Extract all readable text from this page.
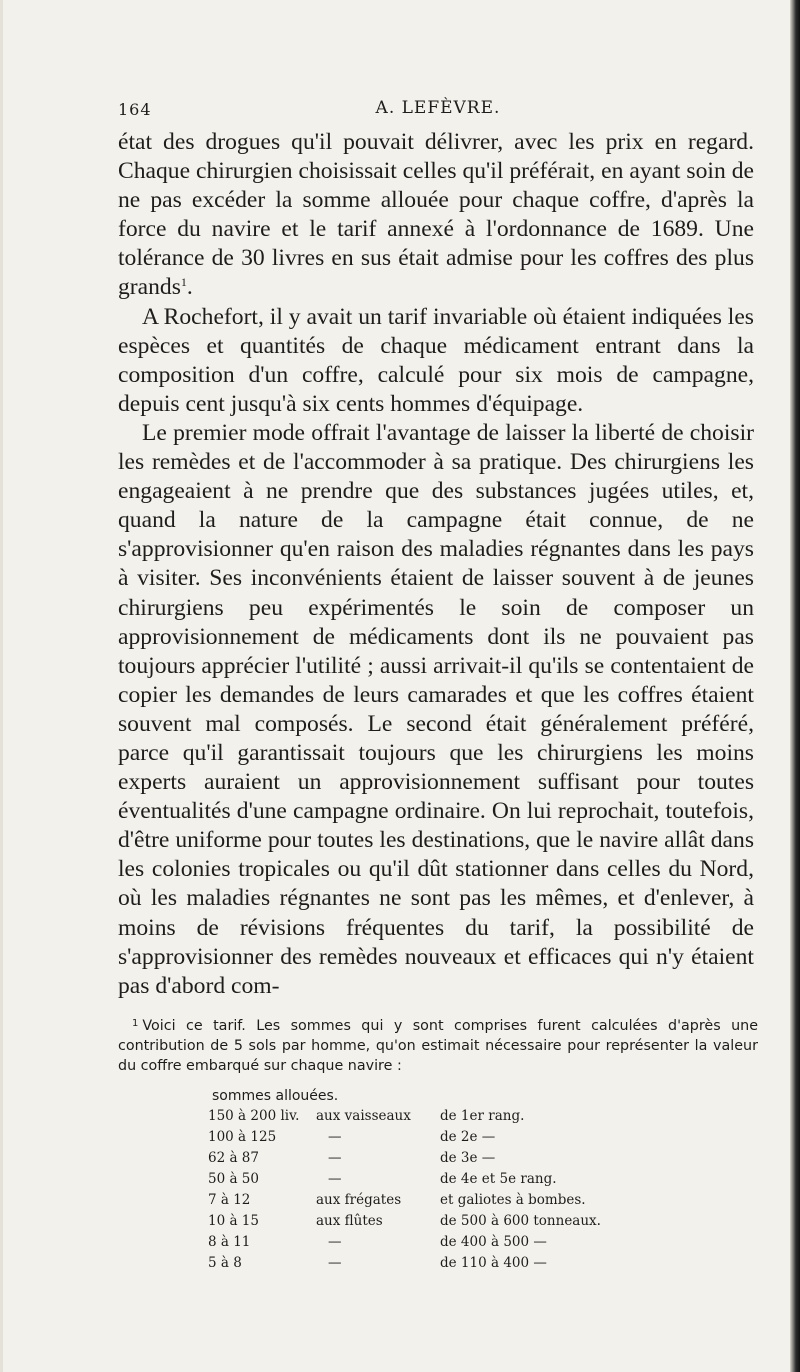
164	A. LEFÈVRE.

état des drogues qu'il pouvait délivrer, avec les prix en regard. Chaque chirurgien choisissait celles qu'il préférait, en ayant soin de ne pas excéder la somme allouée pour chaque coffre, d'après la force du navire et le tarif annexé à l'ordonnance de 1689. Une tolérance de 30 livres en sus était admise pour les coffres des plus grands$^1$.

A Rochefort, il y avait un tarif invariable où étaient indiquées les espèces et quantités de chaque médicament entrant dans la composition d'un coffre, calculé pour six mois de campagne, depuis cent jusqu'à six cents hommes d'équipage.

Le premier mode offrait l'avantage de laisser la liberté de choisir les remèdes et de l'accommoder à sa pratique. Des chirurgiens les engageaient à ne prendre que des substances jugées utiles, et, quand la nature de la campagne était connue, de ne s'approvisionner qu'en raison des maladies régnantes dans les pays à visiter. Ses inconvénients étaient de laisser souvent à de jeunes chirurgiens peu expérimentés le soin de composer un approvisionnement de médicaments dont ils ne pouvaient pas toujours apprécier l'utilité ; aussi arrivait-il qu'ils se contentaient de copier les demandes de leurs camarades et que les coffres étaient souvent mal composés. Le second était généralement préféré, parce qu'il garantissait toujours que les chirurgiens les moins experts auraient un approvisionnement suffisant pour toutes éventualités d'une campagne ordinaire. On lui reprochait, toutefois, d'être uniforme pour toutes les destinations, que le navire allât dans les colonies tropicales ou qu'il dût stationner dans celles du Nord, où les maladies régnantes ne sont pas les mêmes, et d'enlever, à moins de révisions fréquentes du tarif, la possibilité de s'approvisionner des remèdes nouveaux et efficaces qui n'y étaient pas d'abord com-

$^1$ Voici ce tarif. Les sommes qui y sont comprises furent calculées d'après une contribution de 5 sols par homme, qu'on estimait nécessaire pour représenter la valeur du coffre embarqué sur chaque navire :
sommes allouées.
150 à 200 liv.	aux vaisseaux	de 1er rang.
100 à 125	—	de 2e —
62 à 87	—	de 3e —
50 à 50	—	de 4e et 5e rang.
7 à 12	aux frégates	et galiotes à bombes.
10 à 15	aux flûtes	de 500 à 600 tonneaux.
8 à 11	—	de 400 à 500 —
5 à 8	—	de 110 à 400 —
